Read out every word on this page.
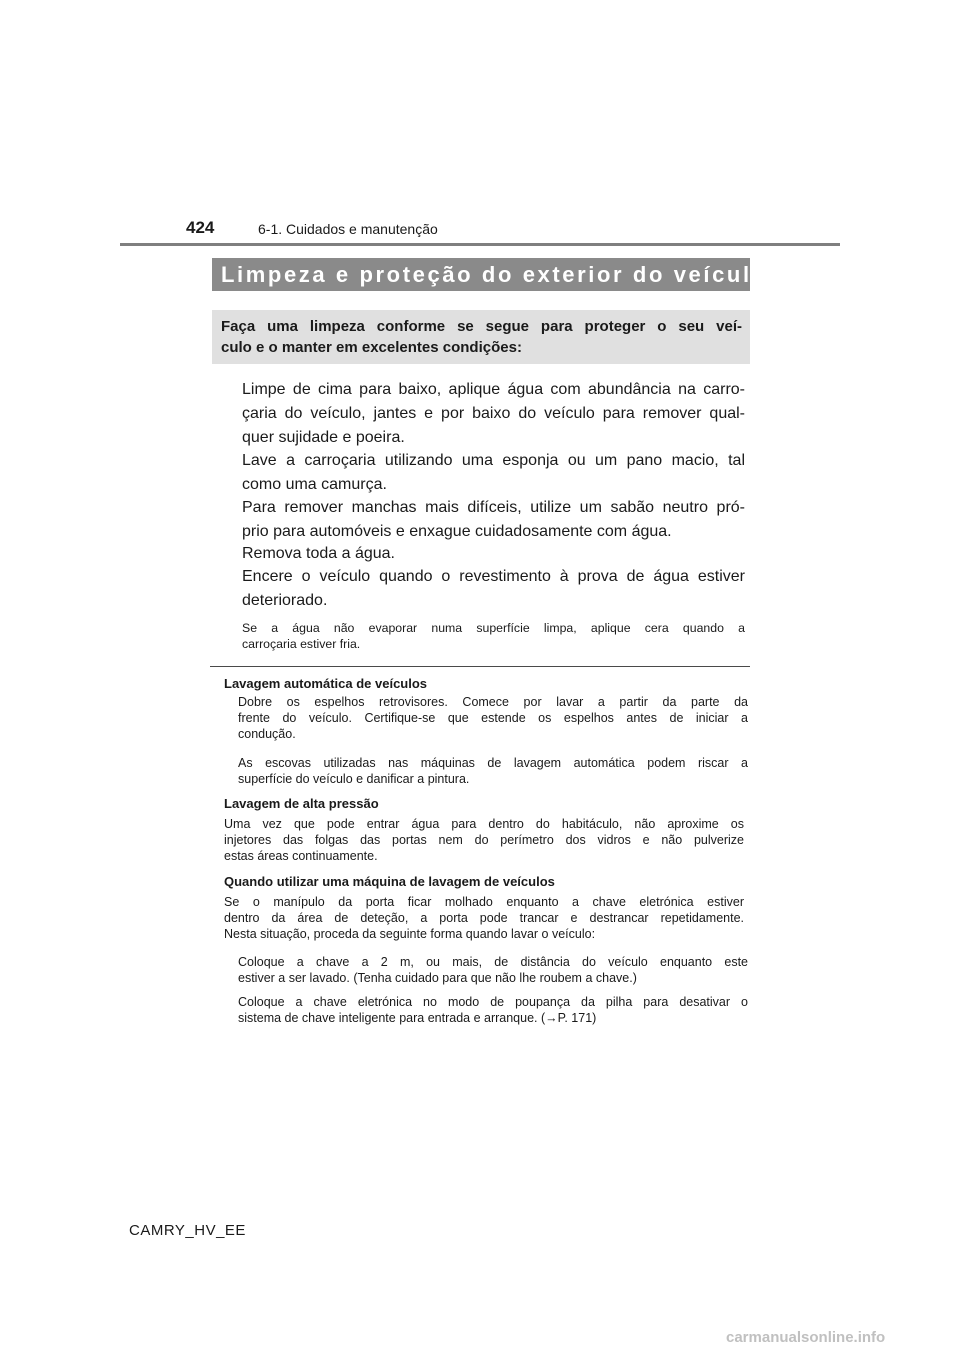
424	6-1. Cuidados e manutenção
Limpeza e proteção do exterior do veículo
Faça uma limpeza conforme se segue para proteger o seu veí-
culo e o manter em excelentes condições:
Limpe de cima para baixo, aplique água com abundância na carro-
çaria do veículo, jantes e por baixo do veículo para remover qual-
quer sujidade e poeira.
Lave a carroçaria utilizando uma esponja ou um pano macio, tal
como uma camurça.
Para remover manchas mais difíceis, utilize um sabão neutro pró-
prio para automóveis e enxague cuidadosamente com água.
Remova toda a água.
Encere o veículo quando o revestimento à prova de água estiver
deteriorado.
Se a água não evaporar numa superfície limpa, aplique cera quando a
carroçaria estiver fria.
Lavagem automática de veículos
Dobre os espelhos retrovisores. Comece por lavar a partir da parte da
frente do veículo. Certifique-se que estende os espelhos antes de iniciar a
condução.
As escovas utilizadas nas máquinas de lavagem automática podem riscar a
superfície do veículo e danificar a pintura.
Lavagem de alta pressão
Uma vez que pode entrar água para dentro do habitáculo, não aproxime os
injetores das folgas das portas nem do perímetro dos vidros e não pulverize
estas áreas continuamente.
Quando utilizar uma máquina de lavagem de veículos
Se o manípulo da porta ficar molhado enquanto a chave eletrónica estiver
dentro da área de deteção, a porta pode trancar e destrancar repetidamente.
Nesta situação, proceda da seguinte forma quando lavar o veículo:
Coloque a chave a 2 m, ou mais, de distância do veículo enquanto este
estiver a ser lavado. (Tenha cuidado para que não lhe roubem a chave.)
Coloque a chave eletrónica no modo de poupança da pilha para desativar o
sistema de chave inteligente para entrada e arranque. (→P. 171)
CAMRY_HV_EE
carmanualsonline.info
